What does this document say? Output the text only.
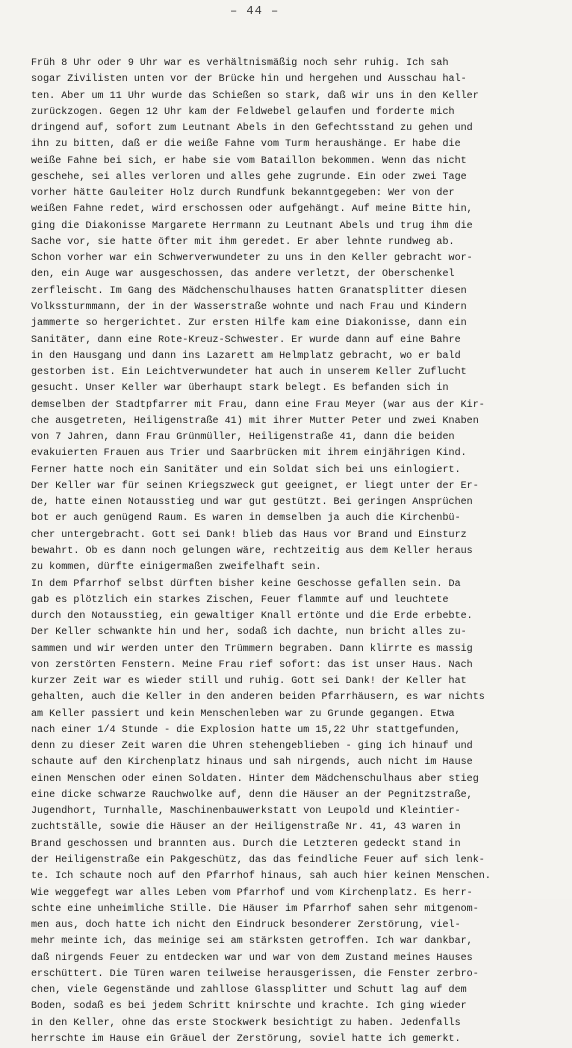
– 44 –
Früh 8 Uhr oder 9 Uhr war es verhältnismäßig noch sehr ruhig. Ich sah
sogar Zivilisten unten vor der Brücke hin und hergehen und Ausschau hal-
ten. Aber um 11 Uhr wurde das Schießen so stark, daß wir uns in den Keller
zurückzogen. Gegen 12 Uhr kam der Feldwebel gelaufen und forderte mich
dringend auf, sofort zum Leutnant Abels in den Gefechtsstand zu gehen und
ihn zu bitten, daß er die weiße Fahne vom Turm heraushänge. Er habe die
weiße Fahne bei sich, er habe sie vom Bataillon bekommen. Wenn das nicht
geschehe, sei alles verloren und alles gehe zugrunde. Ein oder zwei Tage
vorher hätte Gauleiter Holz durch Rundfunk bekanntgegeben: Wer von der
weißen Fahne redet, wird erschossen oder aufgehängt. Auf meine Bitte hin,
ging die Diakonisse Margarete Herrmann zu Leutnant Abels und trug ihm die
Sache vor, sie hatte öfter mit ihm geredet. Er aber lehnte rundweg ab.
Schon vorher war ein Schwerverwundeter zu uns in den Keller gebracht wor-
den, ein Auge war ausgeschossen, das andere verletzt, der Oberschenkel
zerfleischt. Im Gang des Mädchenschulhauses hatten Granatsplitter diesen
Volkssturmmann, der in der Wasserstraße wohnte und nach Frau und Kindern
jammerte so hergerichtet. Zur ersten Hilfe kam eine Diakonisse, dann ein
Sanitäter, dann eine Rote-Kreuz-Schwester. Er wurde dann auf eine Bahre
in den Hausgang und dann ins Lazarett am Helmplatz gebracht, wo er bald
gestorben ist. Ein Leichtverwundeter hat auch in unserem Keller Zuflucht
gesucht. Unser Keller war überhaupt stark belegt. Es befanden sich in
demselben der Stadtpfarrer mit Frau, dann eine Frau Meyer (war aus der Kir-
che ausgetreten, Heiligenstraße 41) mit ihrer Mutter Peter und zwei Knaben
von 7 Jahren, dann Frau Grünmüller, Heiligenstraße 41, dann die beiden
evakuierten Frauen aus Trier und Saarbrücken mit ihrem einjährigen Kind.
Ferner hatte noch ein Sanitäter und ein Soldat sich bei uns einlogiert.
Der Keller war für seinen Kriegszweck gut geeignet, er liegt unter der Er-
de, hatte einen Notausstieg und war gut gestützt. Bei geringen Ansprüchen
bot er auch genügend Raum. Es waren in demselben ja auch die Kirchenbü-
cher untergebracht. Gott sei Dank! blieb das Haus vor Brand und Einsturz
bewahrt. Ob es dann noch gelungen wäre, rechtzeitig aus dem Keller heraus
zu kommen, dürfte einigermaßen zweifelhaft sein.
In dem Pfarrhof selbst dürften bisher keine Geschosse gefallen sein. Da
gab es plötzlich ein starkes Zischen, Feuer flammte auf und leuchtete
durch den Notausstieg, ein gewaltiger Knall ertönte und die Erde erbebte.
Der Keller schwankte hin und her, sodaß ich dachte, nun bricht alles zu-
sammen und wir werden unter den Trümmern begraben. Dann klirrte es massig
von zerstörten Fenstern. Meine Frau rief sofort: das ist unser Haus. Nach
kurzer Zeit war es wieder still und ruhig. Gott sei Dank! der Keller hat
gehalten, auch die Keller in den anderen beiden Pfarrhäusern, es war nichts
am Keller passiert und kein Menschenleben war zu Grunde gegangen. Etwa
nach einer 1/4 Stunde - die Explosion hatte um 15,22 Uhr stattgefunden,
denn zu dieser Zeit waren die Uhren stehengeblieben - ging ich hinauf und
schaute auf den Kirchenplatz hinaus und sah nirgends, auch nicht im Hause
einen Menschen oder einen Soldaten. Hinter dem Mädchenschulhaus aber stieg
eine dicke schwarze Rauchwolke auf, denn die Häuser an der Pegnitzstraße,
Jugendhort, Turnhalle, Maschinenbauwerkstatt von Leupold und Kleintier-
zuchtställe, sowie die Häuser an der Heiligenstraße Nr. 41, 43 waren in
Brand geschossen und brannten aus. Durch die Letzteren gedeckt stand in
der Heiligenstraße ein Pakgeschütz, das das feindliche Feuer auf sich lenk-
te. Ich schaute noch auf den Pfarrhof hinaus, sah auch hier keinen Menschen.
Wie weggefegt war alles Leben vom Pfarrhof und vom Kirchenplatz. Es herr-
schte eine unheimliche Stille. Die Häuser im Pfarrhof sahen sehr mitgenom-
men aus, doch hatte ich nicht den Eindruck besonderer Zerstörung, viel-
mehr meinte ich, das meinige sei am stärksten getroffen. Ich war dankbar,
daß nirgends Feuer zu entdecken war und war von dem Zustand meines Hauses
erschüttert. Die Türen waren teilweise herausgerissen, die Fenster zerbro-
chen, viele Gegenstände und zahllose Glassplitter und Schutt lag auf dem
Boden, sodaß es bei jedem Schritt knirschte und krachte. Ich ging wieder
in den Keller, ohne das erste Stockwerk besichtigt zu haben. Jedenfalls
herrschte im Hause ein Gräuel der Zerstörung, soviel hatte ich gemerkt.
